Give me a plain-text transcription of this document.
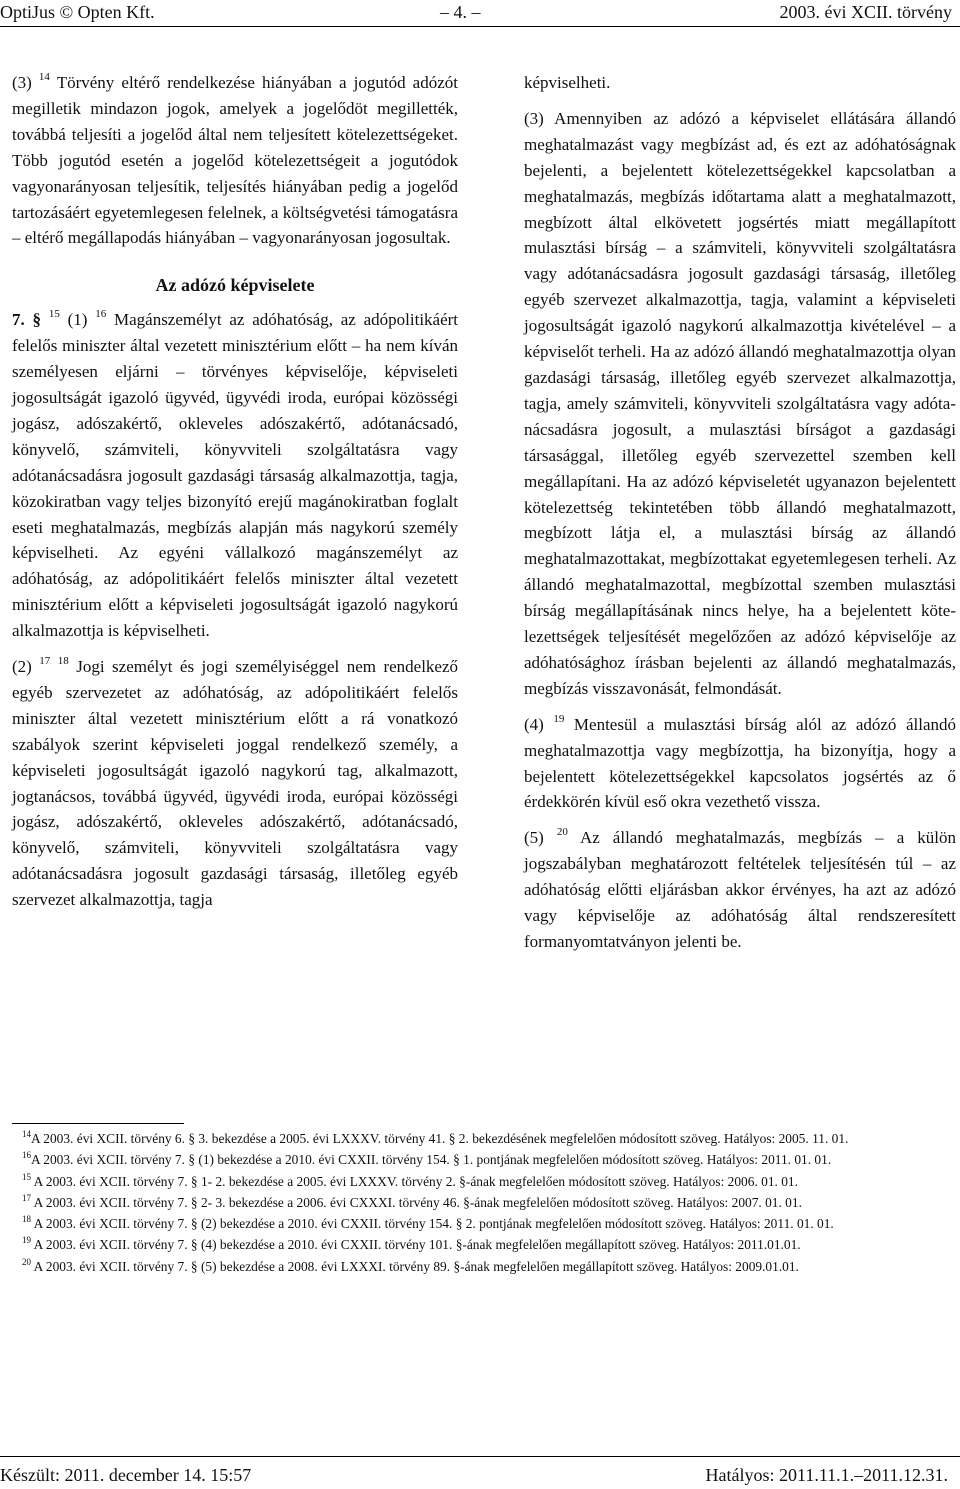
OptiJus © Opten Kft.	– 4. –	2003. évi XCII. törvény

(3) $^{14}$ Törvény eltérő rendelkezése hiányában a jogutód adózót megilletik mindazon jogok, amelyek a jogelődöt megillették, továbbá teljesíti a jogelőd által nem teljesített kötelezettségeket. Több jogutód esetén a jogelőd kötelezettségeit a jogutódok vagyonarányosan teljesítik, teljesítés hiányában pedig a jogelőd tartozásáért egyetemlegesen felelnek, a költségvetési támogatásra – eltérő megállapodás hiányában – vagyonarányosan jogosultak.

Az adózó képviselete

7. § $^{15}$ (1) $^{16}$ Magánszemélyt az adóhatóság, az adópolitikáért felelős miniszter által vezetett minisztérium előtt – ha nem kíván személyesen eljárni – törvényes képviselője, képviseleti jogosultságát igazoló ügyvéd, ügyvédi iroda, európai közösségi jogász, adószakértő, okleveles adószakértő, adótanácsadó, könyvelő, számviteli, könyvviteli szolgáltatásra vagy adótanácsadásra jogosult gazdasági társaság alkalmazottja, tagja, közokiratban vagy teljes bizonyító erejű magánokiratban foglalt eseti meghatalmazás, megbízás alapján más nagykorú személy képviselheti. Az egyéni vállalkozó magánszemélyt az adóhatóság, az adópolitikáért felelős miniszter által vezetett minisztérium előtt a képviseleti jogosultságát igazoló nagykorú alkalmazottja is képviselheti.

(2) $^{17}$ $^{18}$ Jogi személyt és jogi személyiséggel nem rendelkező egyéb szervezetet az adóhatóság, az adópolitikáért felelős miniszter által vezetett minisztérium előtt a rá vonatkozó szabályok szerint képviseleti joggal rendelkező személy, a képviseleti jogosultságát igazoló nagykorú tag, alkalmazott, jogtanácsos, továbbá ügyvéd, ügyvédi iroda, európai közösségi jogász, adószakértő, okleveles adószakértő, adótanácsadó, könyvelő, számviteli, könyvviteli szolgáltatásra vagy adótanácsadásra jogosult gazdasági társaság, illetőleg egyéb szervezet alkalmazottja, tagja

képviselheti.

(3) Amennyiben az adózó a képviselet ellátására állandó meghatalmazást vagy megbízást ad, és ezt az adóhatóságnak bejelenti, a bejelentett kötelezettségekkel kapcsolatban a meghatalmazás, megbízás időtartama alatt a meghatalmazott, megbízott által elkövetett jogsértés miatt megállapított mulasztási bírság – a számviteli, könyvviteli szolgáltatásra vagy adótanácsadásra jogosult gazdasági társaság, illetőleg egyéb szervezet alkalmazottja, tagja, valamint a képviseleti jogosultságát igazoló nagykorú alkalmazottja kivételével – a képviselőt terheli. Ha az adózó állandó meghatalmazottja olyan gazdasági társaság, illetőleg egyéb szervezet alkalmazottja, tagja, amely számviteli, könyvviteli szolgáltatásra vagy adótanácsadásra jogosult, a mulasztási bírságot a gazdasági társasággal, illetőleg egyéb szervezettel szemben kell megállapítani. Ha az adózó képviseletét ugyanazon bejelentett kötelezettség tekintetében több állandó meghatalmazott, megbízott látja el, a mulasztási bírság az állandó meghatalmazottakat, megbízottakat egyetemlegesen terheli. Az állandó meghatalmazottal, megbízottal szemben mulasztási bírság megállapításának nincs helye, ha a bejelentett kötelezettségek teljesítését megelőzően az adózó képviselője az adóhatósághoz írásban bejelenti az állandó meghatalmazás, megbízás visszavonását, felmondását.

(4) $^{19}$ Mentesül a mulasztási bírság alól az adózó állandó meghatalmazottja vagy megbízottja, ha bizonyítja, hogy a bejelentett kötelezettségekkel kapcsolatos jogsértés az ő érdekkörén kívül eső okra vezethető vissza.

(5) $^{20}$ Az állandó meghatalmazás, megbízás – a külön jogszabályban meghatározott feltételek teljesítésén túl – az adóhatóság előtti eljárásban akkor érvényes, ha azt az adózó vagy képviselője az adóhatóság által rendszeresített formanyomtatványon jelenti be.

$^{14}$A 2003. évi XCII. törvény 6. § 3. bekezdése a 2005. évi LXXXV. törvény 41. § 2. bekezdésének megfelelően módosított szöveg. Hatályos: 2005. 11. 01.

$^{16}$A 2003. évi XCII. törvény 7. § (1) bekezdése a 2010. évi CXXII. törvény 154. § 1. pontjának megfelelően módosított szöveg. Hatályos: 2011. 01. 01.

$^{15}$ A 2003. évi XCII. törvény 7. § 1- 2. bekezdése a 2005. évi LXXXV. törvény 2. §-ának megfelelően módosított szöveg. Hatályos: 2006. 01. 01.

$^{17}$ A 2003. évi XCII. törvény 7. § 2- 3. bekezdése a 2006. évi CXXXI. törvény 46. §-ának megfelelően módosított szöveg. Hatályos: 2007. 01. 01.

$^{18}$ A 2003. évi XCII. törvény 7. § (2) bekezdése a 2010. évi CXXII. törvény 154. § 2. pontjának megfelelően módosított szöveg. Hatályos: 2011. 01. 01.

$^{19}$ A 2003. évi XCII. törvény 7. § (4) bekezdése a 2010. évi CXXII. törvény 101. §-ának megfelelően megállapított szöveg. Hatályos: 2011.01.01.

$^{20}$ A 2003. évi XCII. törvény 7. § (5) bekezdése a 2008. évi LXXXI. törvény 89. §-ának megfelelően megállapított szöveg. Hatályos: 2009.01.01.

Készült: 2011. december 14. 15:57	Hatályos: 2011.11.1.–2011.12.31.
